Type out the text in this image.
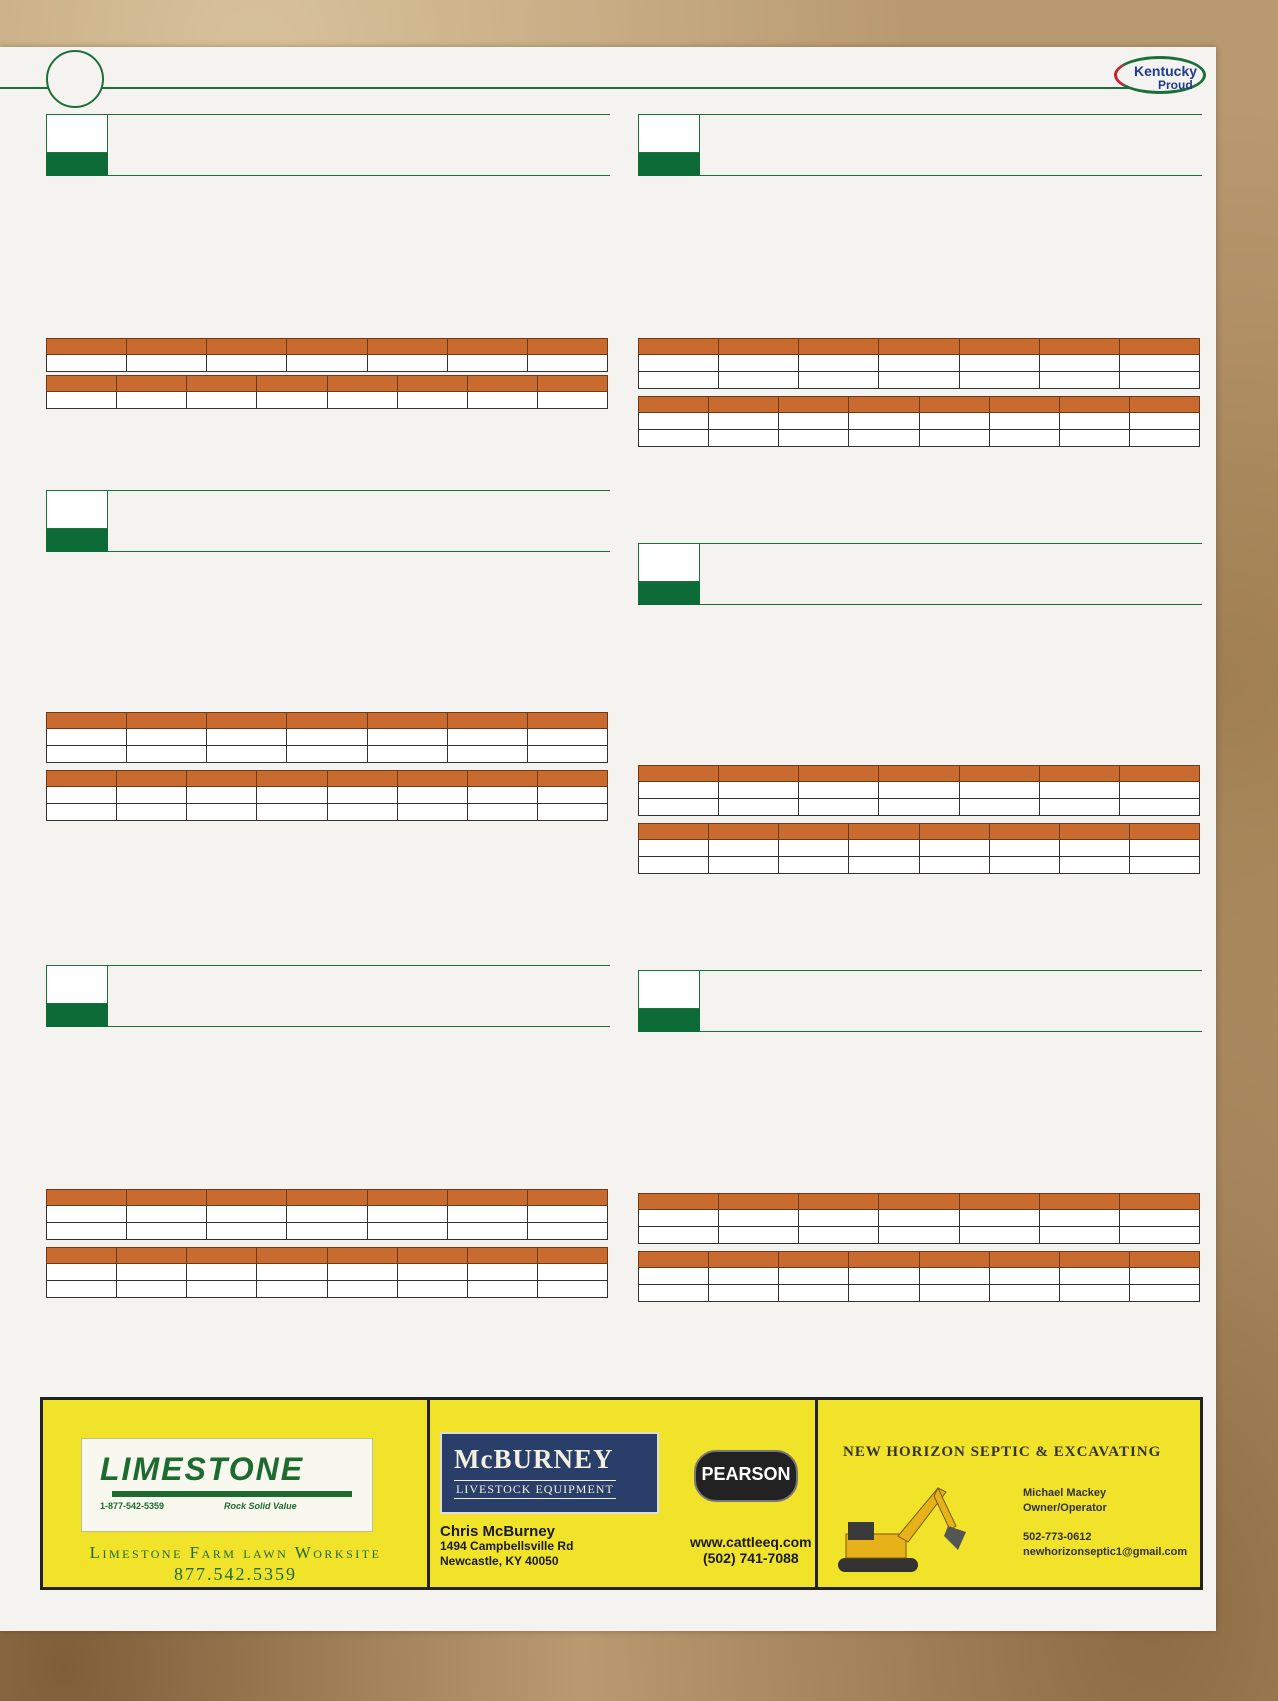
Kentucky
Proud

LIMESTONE
1-877-542-5359	Rock Solid Value
Limestone Farm lawn Worksite
877.542.5359
McBURNEY
LIVESTOCK EQUIPMENT
PEARSON
Chris McBurney
1494 Campbellsville Rd
Newcastle, KY 40050
www.cattleeq.com
(502) 741-7088
NEW HORIZON SEPTIC & EXCAVATING
Michael Mackey
Owner/Operator
502-773-0612
newhorizonseptic1@gmail.com
